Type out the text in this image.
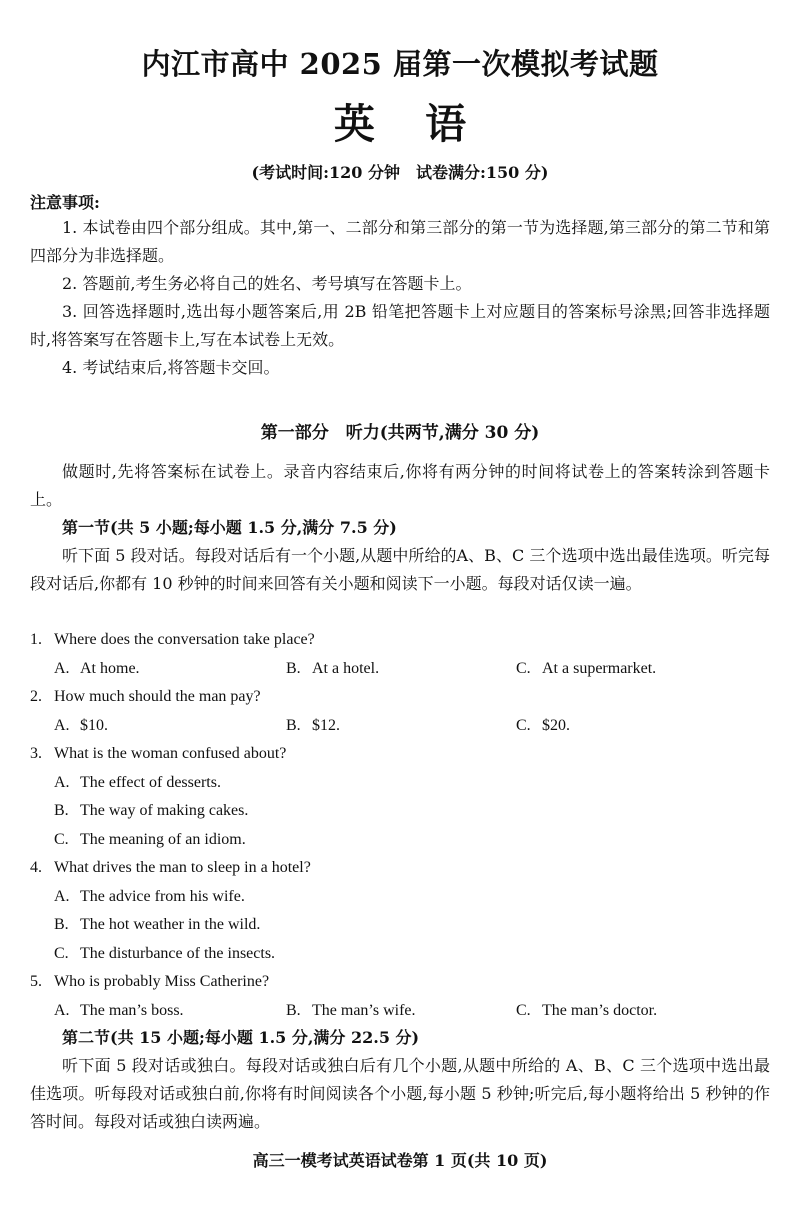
内江市高中 2025 届第一次模拟考试题
英 语
(考试时间:120 分钟　试卷满分:150 分)
注意事项:

1. 本试卷由四个部分组成。其中,第一、二部分和第三部分的第一节为选择题,第三部分的第二节和第四部分为非选择题。

2. 答题前,考生务必将自己的姓名、考号填写在答题卡上。

3. 回答选择题时,选出每小题答案后,用 2B 铅笔把答题卡上对应题目的答案标号涂黑;回答非选择题时,将答案写在答题卡上,写在本试卷上无效。

4. 考试结束后,将答题卡交回。

第一部分　听力(共两节,满分 30 分)

做题时,先将答案标在试卷上。录音内容结束后,你将有两分钟的时间将试卷上的答案转涂到答题卡上。

第一节(共 5 小题;每小题 1.5 分,满分 7.5 分)

听下面 5 段对话。每段对话后有一个小题,从题中所给的A、B、C 三个选项中选出最佳选项。听完每段对话后,你都有 10 秒钟的时间来回答有关小题和阅读下一小题。每段对话仅读一遍。

1. Where does the conversation take place?

A. At home.	B. At a hotel.	C. At a supermarket.

2. How much should the man pay?

A. $10.	B. $12.	C. $20.

3. What is the woman confused about?

A. The effect of desserts.

B. The way of making cakes.

C. The meaning of an idiom.

4. What drives the man to sleep in a hotel?

A. The advice from his wife.

B. The hot weather in the wild.

C. The disturbance of the insects.

5. Who is probably Miss Catherine?

A. The man’s boss.	B. The man’s wife.	C. The man’s doctor.

第二节(共 15 小题;每小题 1.5 分,满分 22.5 分)

听下面 5 段对话或独白。每段对话或独白后有几个小题,从题中所给的 A、B、C 三个选项中选出最佳选项。听每段对话或独白前,你将有时间阅读各个小题,每小题 5 秒钟;听完后,每小题将给出 5 秒钟的作答时间。每段对话或独白读两遍。

高三一模考试英语试卷第 1 页(共 10 页)
